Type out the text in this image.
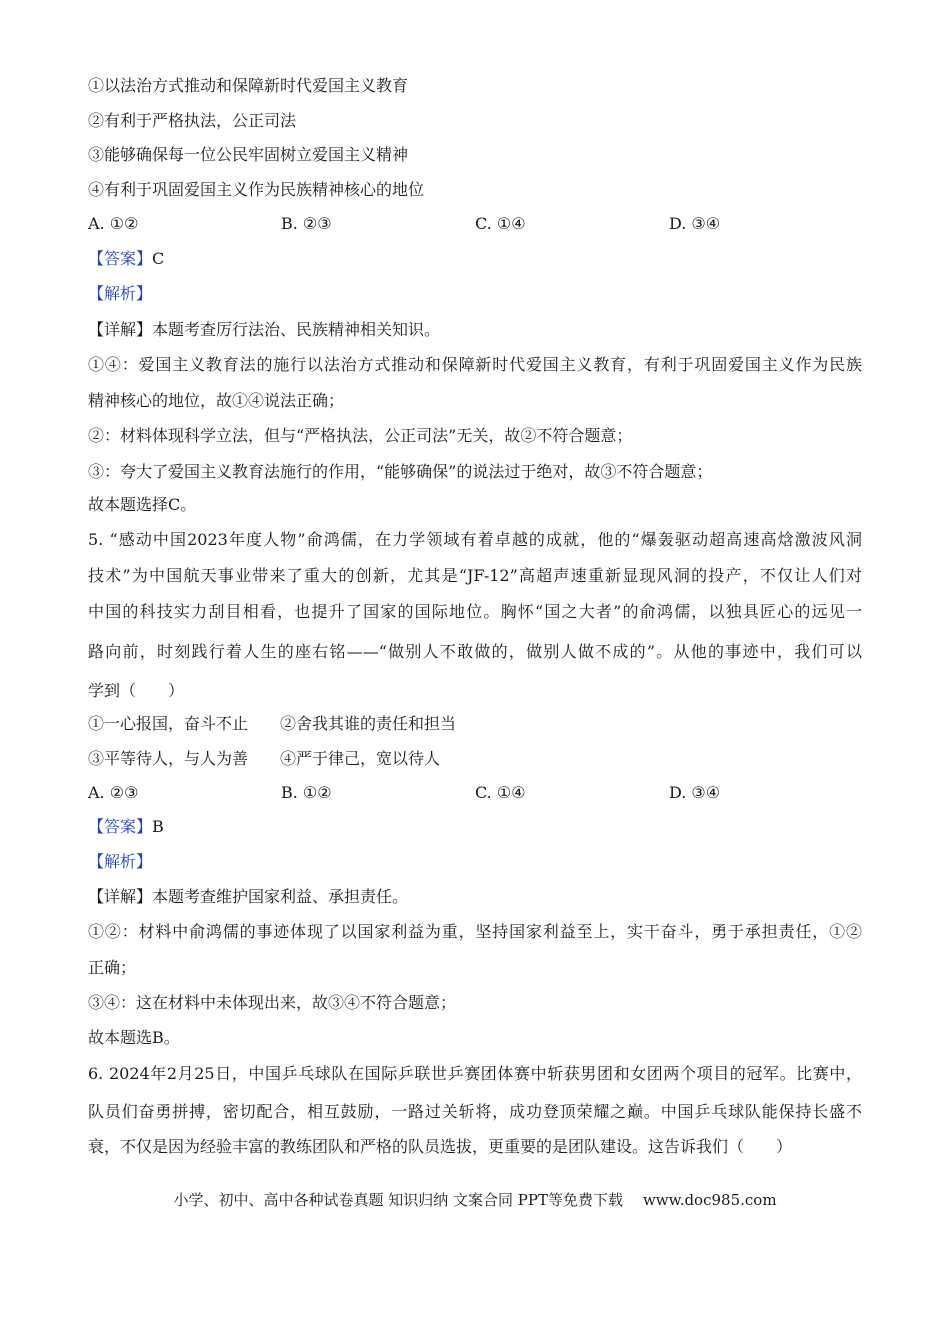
①以法治方式推动和保障新时代爱国主义教育
②有利于严格执法，公正司法
③能够确保每一位公民牢固树立爱国主义精神
④有利于巩固爱国主义作为民族精神核心的地位
A. ①②	B. ②③	C. ①④	D. ③④
【答案】C
【解析】
【详解】本题考查厉行法治、民族精神相关知识。
①④：爱国主义教育法的施行以法治方式推动和保障新时代爱国主义教育，有利于巩固爱国主义作为民族
精神核心的地位，故①④说法正确；
②：材料体现科学立法，但与“严格执法，公正司法”无关，故②不符合题意；
③：夸大了爱国主义教育法施行的作用，“能够确保”的说法过于绝对，故③不符合题意；
故本题选择C。
5. “感动中国2023年度人物”俞鸿儒，在力学领域有着卓越的成就，他的“爆轰驱动超高速高焓激波风洞
技术”为中国航天事业带来了重大的创新，尤其是“JF-12”高超声速重新显现风洞的投产，不仅让人们对
中国的科技实力刮目相看，也提升了国家的国际地位。胸怀“国之大者”的俞鸿儒，以独具匠心的远见一
路向前，时刻践行着人生的座右铭——“做别人不敢做的，做别人做不成的”。从他的事迹中，我们可以
学到（　　）
①一心报国，奋斗不止　　②舍我其谁的责任和担当
③平等待人，与人为善　　④严于律己，宽以待人
A. ②③	B. ①②	C. ①④	D. ③④
【答案】B
【解析】
【详解】本题考查维护国家利益、承担责任。
①②：材料中俞鸿儒的事迹体现了以国家利益为重，坚持国家利益至上，实干奋斗，勇于承担责任，①②
正确；
③④：这在材料中未体现出来，故③④不符合题意；
故本题选B。
6. 2024年2月25日，中国乒乓球队在国际乒联世乒赛团体赛中斩获男团和女团两个项目的冠军。比赛中，
队员们奋勇拼搏，密切配合，相互鼓励，一路过关斩将，成功登顶荣耀之巅。中国乒乓球队能保持长盛不
衰，不仅是因为经验丰富的教练团队和严格的队员选拔，更重要的是团队建设。这告诉我们（　　）
小学、初中、高中各种试卷真题 知识归纳 文案合同 PPT等免费下载 www.doc985.com
